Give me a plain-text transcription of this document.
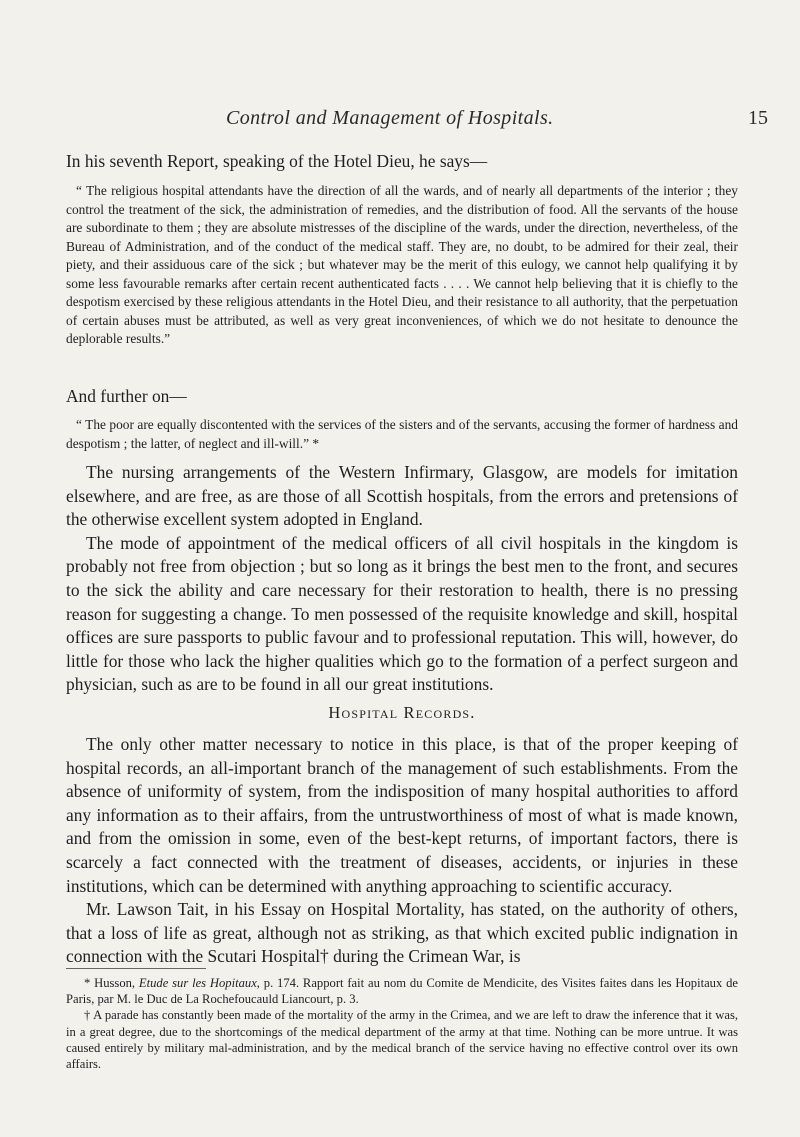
Control and Management of Hospitals.	15

In his seventh Report, speaking of the Hotel Dieu, he says—

“ The religious hospital attendants have the direction of all the wards, and of nearly all departments of the interior ; they control the treatment of the sick, the administration of remedies, and the distribution of food. All the servants of the house are subordinate to them ; they are absolute mistresses of the discipline of the wards, under the direction, nevertheless, of the Bureau of Administration, and of the conduct of the medical staff. They are, no doubt, to be admired for their zeal, their piety, and their assiduous care of the sick ; but whatever may be the merit of this eulogy, we cannot help qualifying it by some less favourable remarks after certain recent authenticated facts . . . . We cannot help believing that it is chiefly to the despotism exercised by these religious attendants in the Hotel Dieu, and their resistance to all authority, that the perpetuation of certain abuses must be attributed, as well as very great inconveniences, of which we do not hesitate to denounce the deplorable results.”

And further on—

“ The poor are equally discontented with the services of the sisters and of the servants, accusing the former of hardness and despotism ; the latter, of neglect and ill-will.” *

The nursing arrangements of the Western Infirmary, Glasgow, are models for imitation elsewhere, and are free, as are those of all Scottish hospitals, from the errors and pretensions of the otherwise excellent system adopted in England.

The mode of appointment of the medical officers of all civil hospitals in the kingdom is probably not free from objection ; but so long as it brings the best men to the front, and secures to the sick the ability and care necessary for their restoration to health, there is no pressing reason for suggesting a change. To men possessed of the requisite knowledge and skill, hospital offices are sure passports to public favour and to professional reputation. This will, however, do little for those who lack the higher qualities which go to the formation of a perfect surgeon and physician, such as are to be found in all our great institutions.

Hospital Records.

The only other matter necessary to notice in this place, is that of the proper keeping of hospital records, an all-important branch of the management of such establishments. From the absence of uniformity of system, from the indisposition of many hospital authorities to afford any information as to their affairs, from the untrustworthiness of most of what is made known, and from the omission in some, even of the best-kept returns, of important factors, there is scarcely a fact connected with the treatment of diseases, accidents, or injuries in these institutions, which can be determined with anything approaching to scientific accuracy.

Mr. Lawson Tait, in his Essay on Hospital Mortality, has stated, on the authority of others, that a loss of life as great, although not as striking, as that which excited public indignation in connection with the Scutari Hospital† during the Crimean War, is

* Husson, Etude sur les Hopitaux, p. 174. Rapport fait au nom du Comite de Mendicite, des Visites faites dans les Hopitaux de Paris, par M. le Duc de La Rochefoucauld Liancourt, p. 3.

† A parade has constantly been made of the mortality of the army in the Crimea, and we are left to draw the inference that it was, in a great degree, due to the shortcomings of the medical department of the army at that time. Nothing can be more untrue. It was caused entirely by military mal-administration, and by the medical branch of the service having no effective control over its own affairs.
